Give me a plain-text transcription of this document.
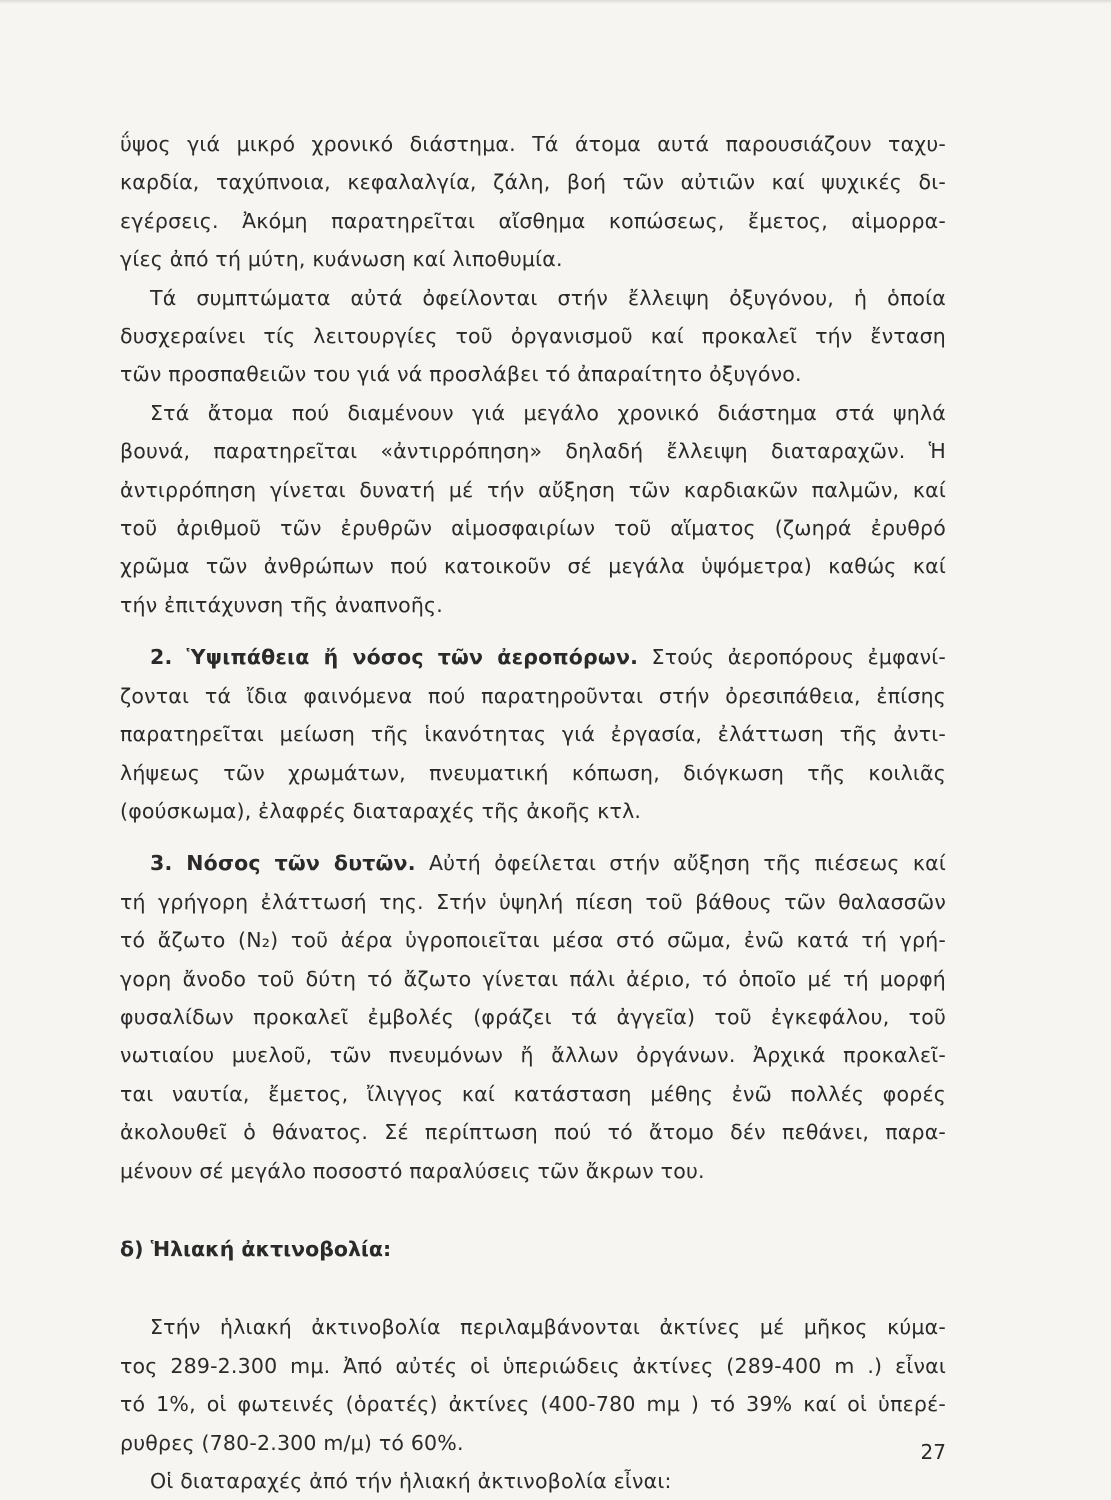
ΰψος γιά μικρό χρονικό διάστημα. Τά άτομα αυτά παρουσιάζουν ταχυ-
καρδία, ταχύπνοια, κεφαλαλγία, ζάλη, βοή τῶν αὐτιῶν καί ψυχικές δι-
εγέρσεις. Ἀκόμη παρατηρεῖται αἴσθημα κοπώσεως, ἔμετος, αἱμορρα-
γίες ἀπό τή μύτη, κυάνωση καί λιποθυμία.

Τά συμπτώματα αὐτά ὀφείλονται στήν ἔλλειψη ὀξυγόνου, ἡ ὁποία
δυσχεραίνει τίς λειτουργίες τοῦ ὀργανισμοῦ καί προκαλεῖ τήν ἔνταση
τῶν προσπαθειῶν του γιά νά προσλάβει τό ἀπαραίτητο ὀξυγόνο.

Στά ἄτομα πού διαμένουν γιά μεγάλο χρονικό διάστημα στά ψηλά
βουνά, παρατηρεῖται «ἀντιρρόπηση» δηλαδή ἔλλειψη διαταραχῶν. Ἡ
ἀντιρρόπηση γίνεται δυνατή μέ τήν αὔξηση τῶν καρδιακῶν παλμῶν, καί
τοῦ ἀριθμοῦ τῶν ἐρυθρῶν αἱμοσφαιρίων τοῦ αἵματος (ζωηρά ἐρυθρό
χρῶμα τῶν ἀνθρώπων πού κατοικοῦν σέ μεγάλα ὑψόμετρα) καθώς καί
τήν ἐπιτάχυνση τῆς ἀναπνοῆς.

2. Ὑψιπάθεια ἤ νόσος τῶν ἀεροπόρων. Στούς ἀεροπόρους ἐμφανί-
ζονται τά ἴδια φαινόμενα πού παρατηροῦνται στήν ὀρεσιπάθεια, ἐπίσης
παρατηρεῖται μείωση τῆς ἱκανότητας γιά ἐργασία, ἐλάττωση τῆς ἀντι-
λήψεως τῶν χρωμάτων, πνευματική κόπωση, διόγκωση τῆς κοιλιᾶς
(φούσκωμα), ἐλαφρές διαταραχές τῆς ἀκοῆς κτλ.

3. Νόσος τῶν δυτῶν. Αὐτή ὀφείλεται στήν αὔξηση τῆς πιέσεως καί
τή γρήγορη ἐλάττωσή της. Στήν ὑψηλή πίεση τοῦ βάθους τῶν θαλασσῶν
τό ἄζωτο (N₂) τοῦ ἀέρα ὑγροποιεῖται μέσα στό σῶμα, ἐνῶ κατά τή γρή-
γορη ἄνοδο τοῦ δύτη τό ἄζωτο γίνεται πάλι ἀέριο, τό ὁποῖο μέ τή μορφή
φυσαλίδων προκαλεῖ ἐμβολές (φράζει τά ἀγγεῖα) τοῦ ἐγκεφάλου, τοῦ
νωτιαίου μυελοῦ, τῶν πνευμόνων ἤ ἄλλων ὀργάνων. Ἀρχικά προκαλεῖ-
ται ναυτία, ἔμετος, ἴλιγγος καί κατάσταση μέθης ἐνῶ πολλές φορές
ἀκολουθεῖ ὁ θάνατος. Σέ περίπτωση πού τό ἄτομο δέν πεθάνει, παρα-
μένουν σέ μεγάλο ποσοστό παραλύσεις τῶν ἄκρων του.

δ) Ἡλιακή ἀκτινοβολία:

Στήν ἡλιακή ἀκτινοβολία περιλαμβάνονται ἀκτίνες μέ μῆκος κύμα-
τος 289-2.300 mμ. Ἀπό αὐτές οἱ ὑπεριώδεις ἀκτίνες (289-400 m .) εἶναι
τό 1%, οἱ φωτεινές (ὁρατές) ἀκτίνες (400-780 mμ ) τό 39% καί οἱ ὑπερέ-
ρυθρες (780-2.300 m/μ) τό 60%.

Οἱ διαταραχές ἀπό τήν ἡλιακή ἀκτινοβολία εἶναι:

27
